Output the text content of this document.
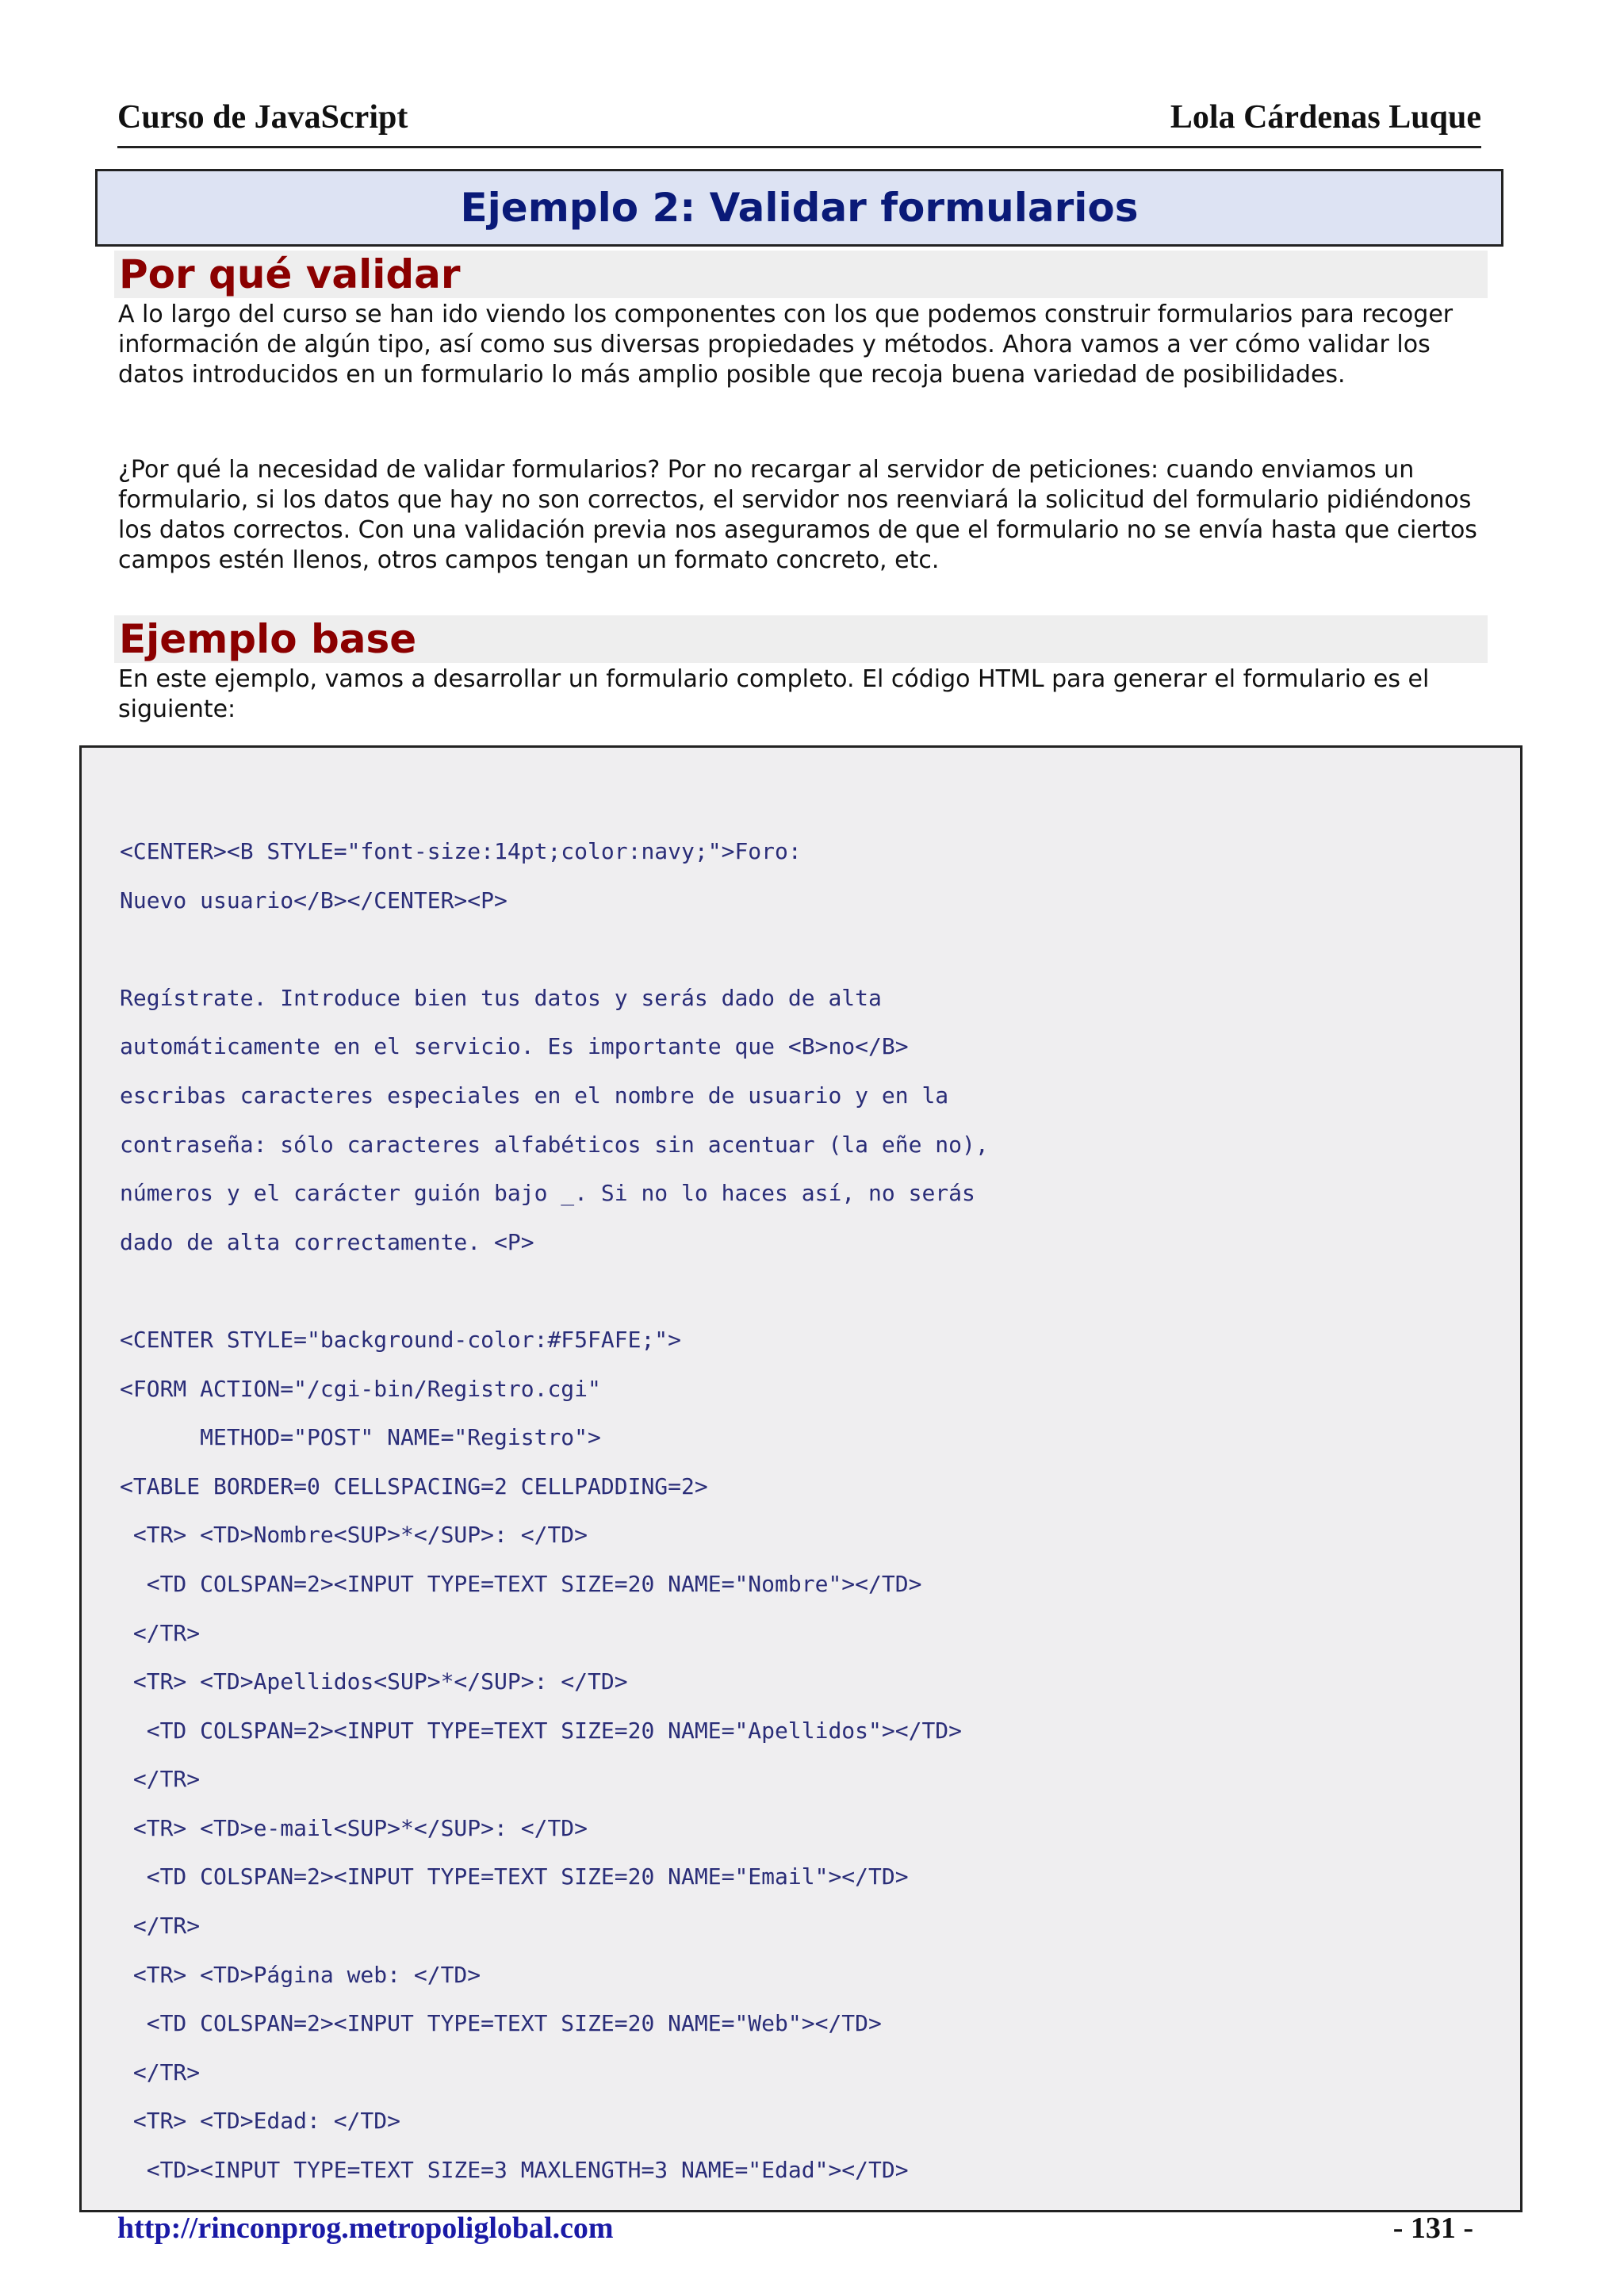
Curso de JavaScript	Lola Cárdenas Luque
Ejemplo 2: Validar formularios
Por qué validar

A lo largo del curso se han ido viendo los componentes con los que podemos construir formularios para recoger información de algún tipo, así como sus diversas propiedades y métodos. Ahora vamos a ver cómo validar los datos introducidos en un formulario lo más amplio posible que recoja buena variedad de posibilidades.

¿Por qué la necesidad de validar formularios? Por no recargar al servidor de peticiones: cuando enviamos un formulario, si los datos que hay no son correctos, el servidor nos reenviará la solicitud del formulario pidiéndonos los datos correctos. Con una validación previa nos aseguramos de que el formulario no se envía hasta que ciertos campos estén llenos, otros campos tengan un formato concreto, etc.

Ejemplo base

En este ejemplo, vamos a desarrollar un formulario completo. El código HTML para generar el formulario es el siguiente:

<CENTER><B STYLE="font-size:14pt;color:navy;">Foro:
Nuevo usuario</B></CENTER><P>
Regístrate. Introduce bien tus datos y serás dado de alta
automáticamente en el servicio. Es importante que <B>no</B>
escribas caracteres especiales en el nombre de usuario y en la
contraseña: sólo caracteres alfabéticos sin acentuar (la eñe no),
números y el carácter guión bajo _. Si no lo haces así, no serás
dado de alta correctamente. <P>
<CENTER STYLE="background-color:#F5FAFE;">
<FORM ACTION="/cgi-bin/Registro.cgi"
METHOD="POST" NAME="Registro">
<TABLE BORDER=0 CELLSPACING=2 CELLPADDING=2>
<TR> <TD>Nombre<SUP>*</SUP>: </TD>
<TD COLSPAN=2><INPUT TYPE=TEXT SIZE=20 NAME="Nombre"></TD>
</TR>
<TR> <TD>Apellidos<SUP>*</SUP>: </TD>
<TD COLSPAN=2><INPUT TYPE=TEXT SIZE=20 NAME="Apellidos"></TD>
</TR>
<TR> <TD>e-mail<SUP>*</SUP>: </TD>
<TD COLSPAN=2><INPUT TYPE=TEXT SIZE=20 NAME="Email"></TD>
</TR>
<TR> <TD>Página web: </TD>
<TD COLSPAN=2><INPUT TYPE=TEXT SIZE=20 NAME="Web"></TD>
</TR>
<TR> <TD>Edad: </TD>
<TD><INPUT TYPE=TEXT SIZE=3 MAXLENGTH=3 NAME="Edad"></TD>
http://rinconprog.metropoliglobal.com	- 131 -
